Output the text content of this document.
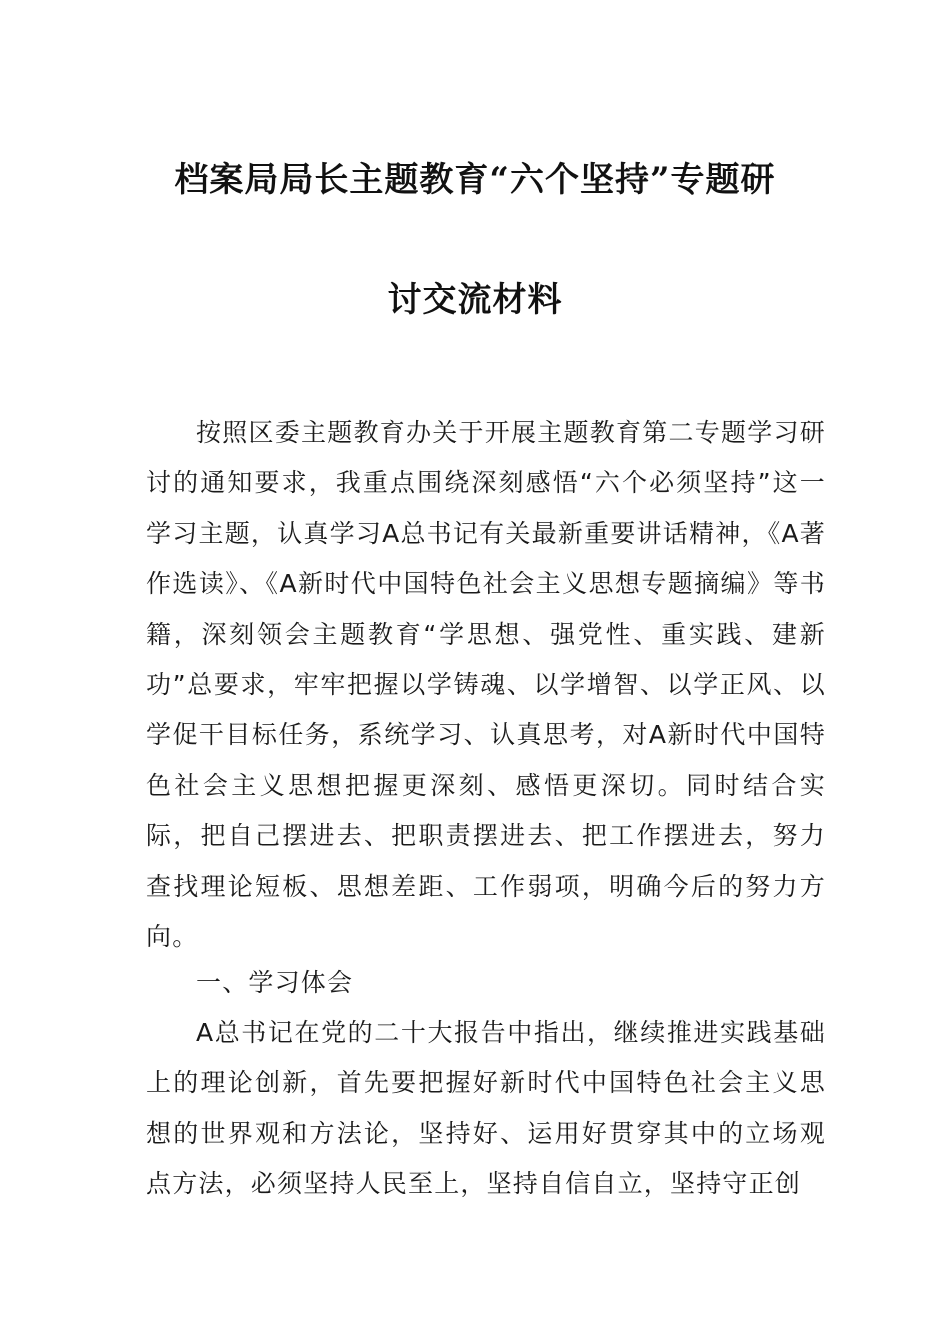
档案局局长主题教育“六个坚持”专题研
讨交流材料

按照区委主题教育办关于开展主题教育第二专题学习研讨的通知要求，我重点围绕深刻感悟“六个必须坚持”这一学习主题，认真学习A总书记有关最新重要讲话精神，《A著作选读》、《A新时代中国特色社会主义思想专题摘编》等书籍，深刻领会主题教育“学思想、强党性、重实践、建新功”总要求，牢牢把握以学铸魂、以学增智、以学正风、以学促干目标任务，系统学习、认真思考，对A新时代中国特色社会主义思想把握更深刻、感悟更深切。同时结合实际，把自己摆进去、把职责摆进去、把工作摆进去，努力查找理论短板、思想差距、工作弱项，明确今后的努力方向。

一、学习体会

A总书记在党的二十大报告中指出，继续推进实践基础上的理论创新，首先要把握好新时代中国特色社会主义思想的世界观和方法论，坚持好、运用好贯穿其中的立场观点方法，必须坚持人民至上，坚持自信自立，坚持守正创
